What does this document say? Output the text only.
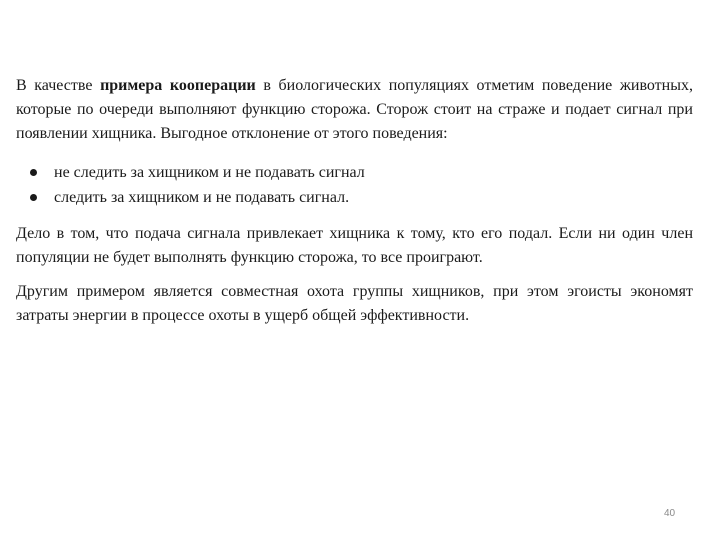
В качестве примера кооперации в биологических популяциях отметим поведение животных, которые по очереди выполняют функцию сторожа. Сторож стоит на страже и подает сигнал при появлении хищника. Выгодное отклонение от этого поведения:

не следить за хищником и не подавать сигнал
следить за хищником и не подавать сигнал.

Дело в том, что подача сигнала привлекает хищника к тому, кто его подал. Если ни один член популяции не будет выполнять функцию сторожа, то все проиграют.

Другим примером является совместная охота группы хищников, при этом эгоисты экономят затраты энергии в процессе охоты в ущерб общей эффективности.

40
